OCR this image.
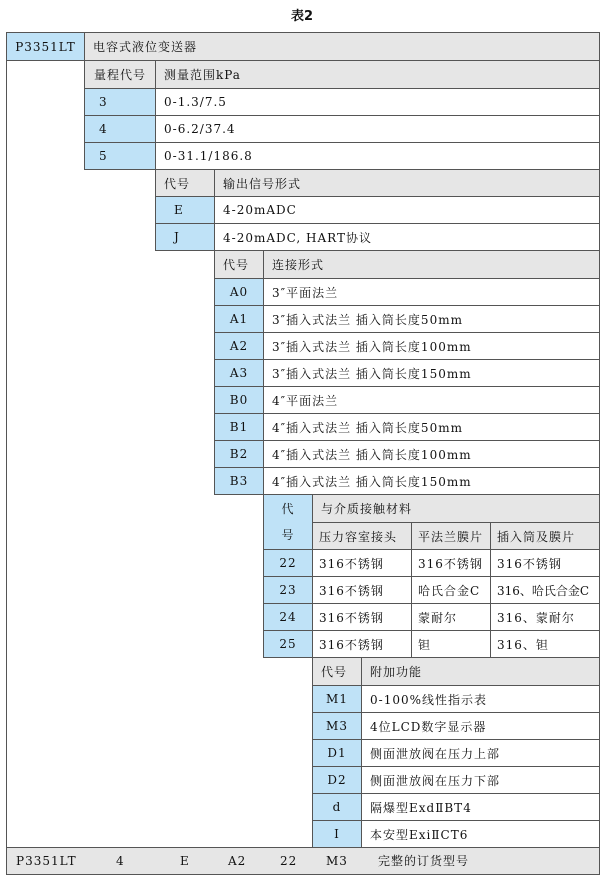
表2
P3351LT	电容式液位变送器
量程代号	测量范围kPa
3	0-1.3/7.5
4	0-6.2/37.4
5	0-31.1/186.8
代号	输出信号形式
E	4-20mADC
J	4-20mADC, HART协议
代号	连接形式
A0	3″平面法兰
A1	3″插入式法兰 插入筒长度50mm
A2	3″插入式法兰 插入筒长度100mm
A3	3″插入式法兰 插入筒长度150mm
B0	4″平面法兰
B1	4″插入式法兰 插入筒长度50mm
B2	4″插入式法兰 插入筒长度100mm
B3	4″插入式法兰 插入筒长度150mm
代
号
与介质接触材料
压力容室接头	平法兰膜片	插入筒及膜片
22	316不锈钢	316不锈钢	316不锈钢
23	316不锈钢	哈氏合金C	316、哈氏合金C
24	316不锈钢	蒙耐尔	316、蒙耐尔
25	316不锈钢	钽	316、钽
代号	附加功能
M1	0-100%线性指示表
M3	4位LCD数字显示器
D1	侧面泄放阀在压力上部
D2	侧面泄放阀在压力下部
d	隔爆型ExdⅡBT4
I	本安型ExiⅡCT6
P3351LT	4	E	A2	22 M3	完整的订货型号
